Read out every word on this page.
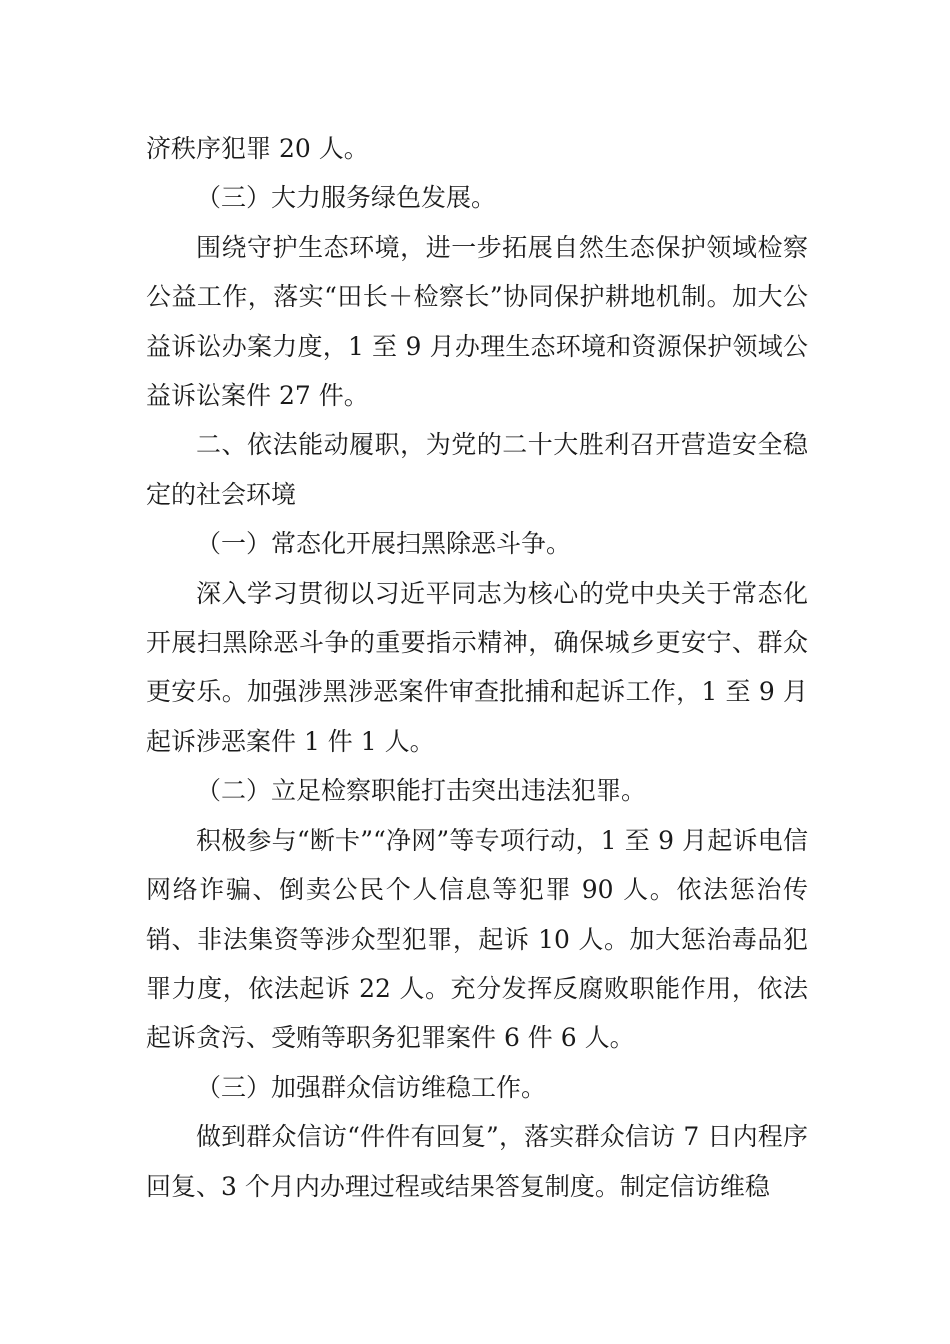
济秩序犯罪 20 人。

（三）大力服务绿色发展。

围绕守护生态环境，进一步拓展自然生态保护领域检察公益工作，落实“田长＋检察长”协同保护耕地机制。加大公益诉讼办案力度，1 至 9 月办理生态环境和资源保护领域公益诉讼案件 27 件。

二、依法能动履职，为党的二十大胜利召开营造安全稳定的社会环境

（一）常态化开展扫黑除恶斗争。

深入学习贯彻以习近平同志为核心的党中央关于常态化开展扫黑除恶斗争的重要指示精神，确保城乡更安宁、群众更安乐。加强涉黑涉恶案件审查批捕和起诉工作，1 至 9 月起诉涉恶案件 1 件 1 人。

（二）立足检察职能打击突出违法犯罪。

积极参与“断卡”“净网”等专项行动，1 至 9 月起诉电信网络诈骗、倒卖公民个人信息等犯罪 90 人。依法惩治传销、非法集资等涉众型犯罪，起诉 10 人。加大惩治毒品犯罪力度，依法起诉 22 人。充分发挥反腐败职能作用，依法起诉贪污、受贿等职务犯罪案件 6 件 6 人。

（三）加强群众信访维稳工作。

做到群众信访“件件有回复”，落实群众信访 7 日内程序回复、3 个月内办理过程或结果答复制度。制定信访维稳
